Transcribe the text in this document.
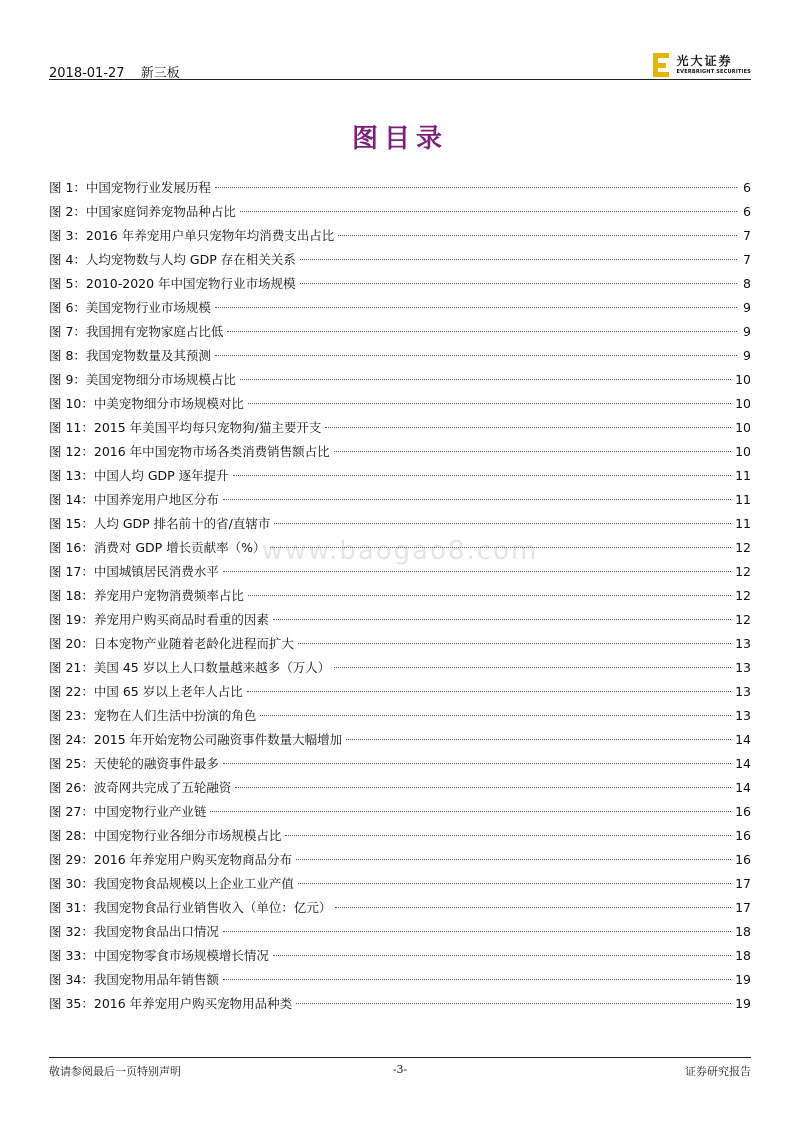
2018-01-27 新三板
光大证券
EVERBRIGHT SECURITIES
图目录
www.baogao8.com
图 1：中国宠物行业发展历程	6
图 2：中国家庭饲养宠物品种占比	6
图 3：2016 年养宠用户单只宠物年均消费支出占比	7
图 4：人均宠物数与人均 GDP 存在相关关系	7
图 5：2010-2020 年中国宠物行业市场规模	8
图 6：美国宠物行业市场规模	9
图 7：我国拥有宠物家庭占比低	9
图 8：我国宠物数量及其预测	9
图 9：美国宠物细分市场规模占比	10
图 10：中美宠物细分市场规模对比	10
图 11：2015 年美国平均每只宠物狗/猫主要开支	10
图 12：2016 年中国宠物市场各类消费销售额占比	10
图 13：中国人均 GDP 逐年提升	11
图 14：中国养宠用户地区分布	11
图 15：人均 GDP 排名前十的省/直辖市	11
图 16：消费对 GDP 增长贡献率（%）	12
图 17：中国城镇居民消费水平	12
图 18：养宠用户宠物消费频率占比	12
图 19：养宠用户购买商品时看重的因素	12
图 20：日本宠物产业随着老龄化进程而扩大	13
图 21：美国 45 岁以上人口数量越来越多（万人）	13
图 22：中国 65 岁以上老年人占比	13
图 23：宠物在人们生活中扮演的角色	13
图 24：2015 年开始宠物公司融资事件数量大幅增加	14
图 25：天使轮的融资事件最多	14
图 26：波奇网共完成了五轮融资	14
图 27：中国宠物行业产业链	16
图 28：中国宠物行业各细分市场规模占比	16
图 29：2016 年养宠用户购买宠物商品分布	16
图 30：我国宠物食品规模以上企业工业产值	17
图 31：我国宠物食品行业销售收入（单位：亿元）	17
图 32：我国宠物食品出口情况	18
图 33：中国宠物零食市场规模增长情况	18
图 34：我国宠物用品年销售额	19
图 35：2016 年养宠用户购买宠物用品种类	19
敬请参阅最后一页特别声明	-3-	证券研究报告
